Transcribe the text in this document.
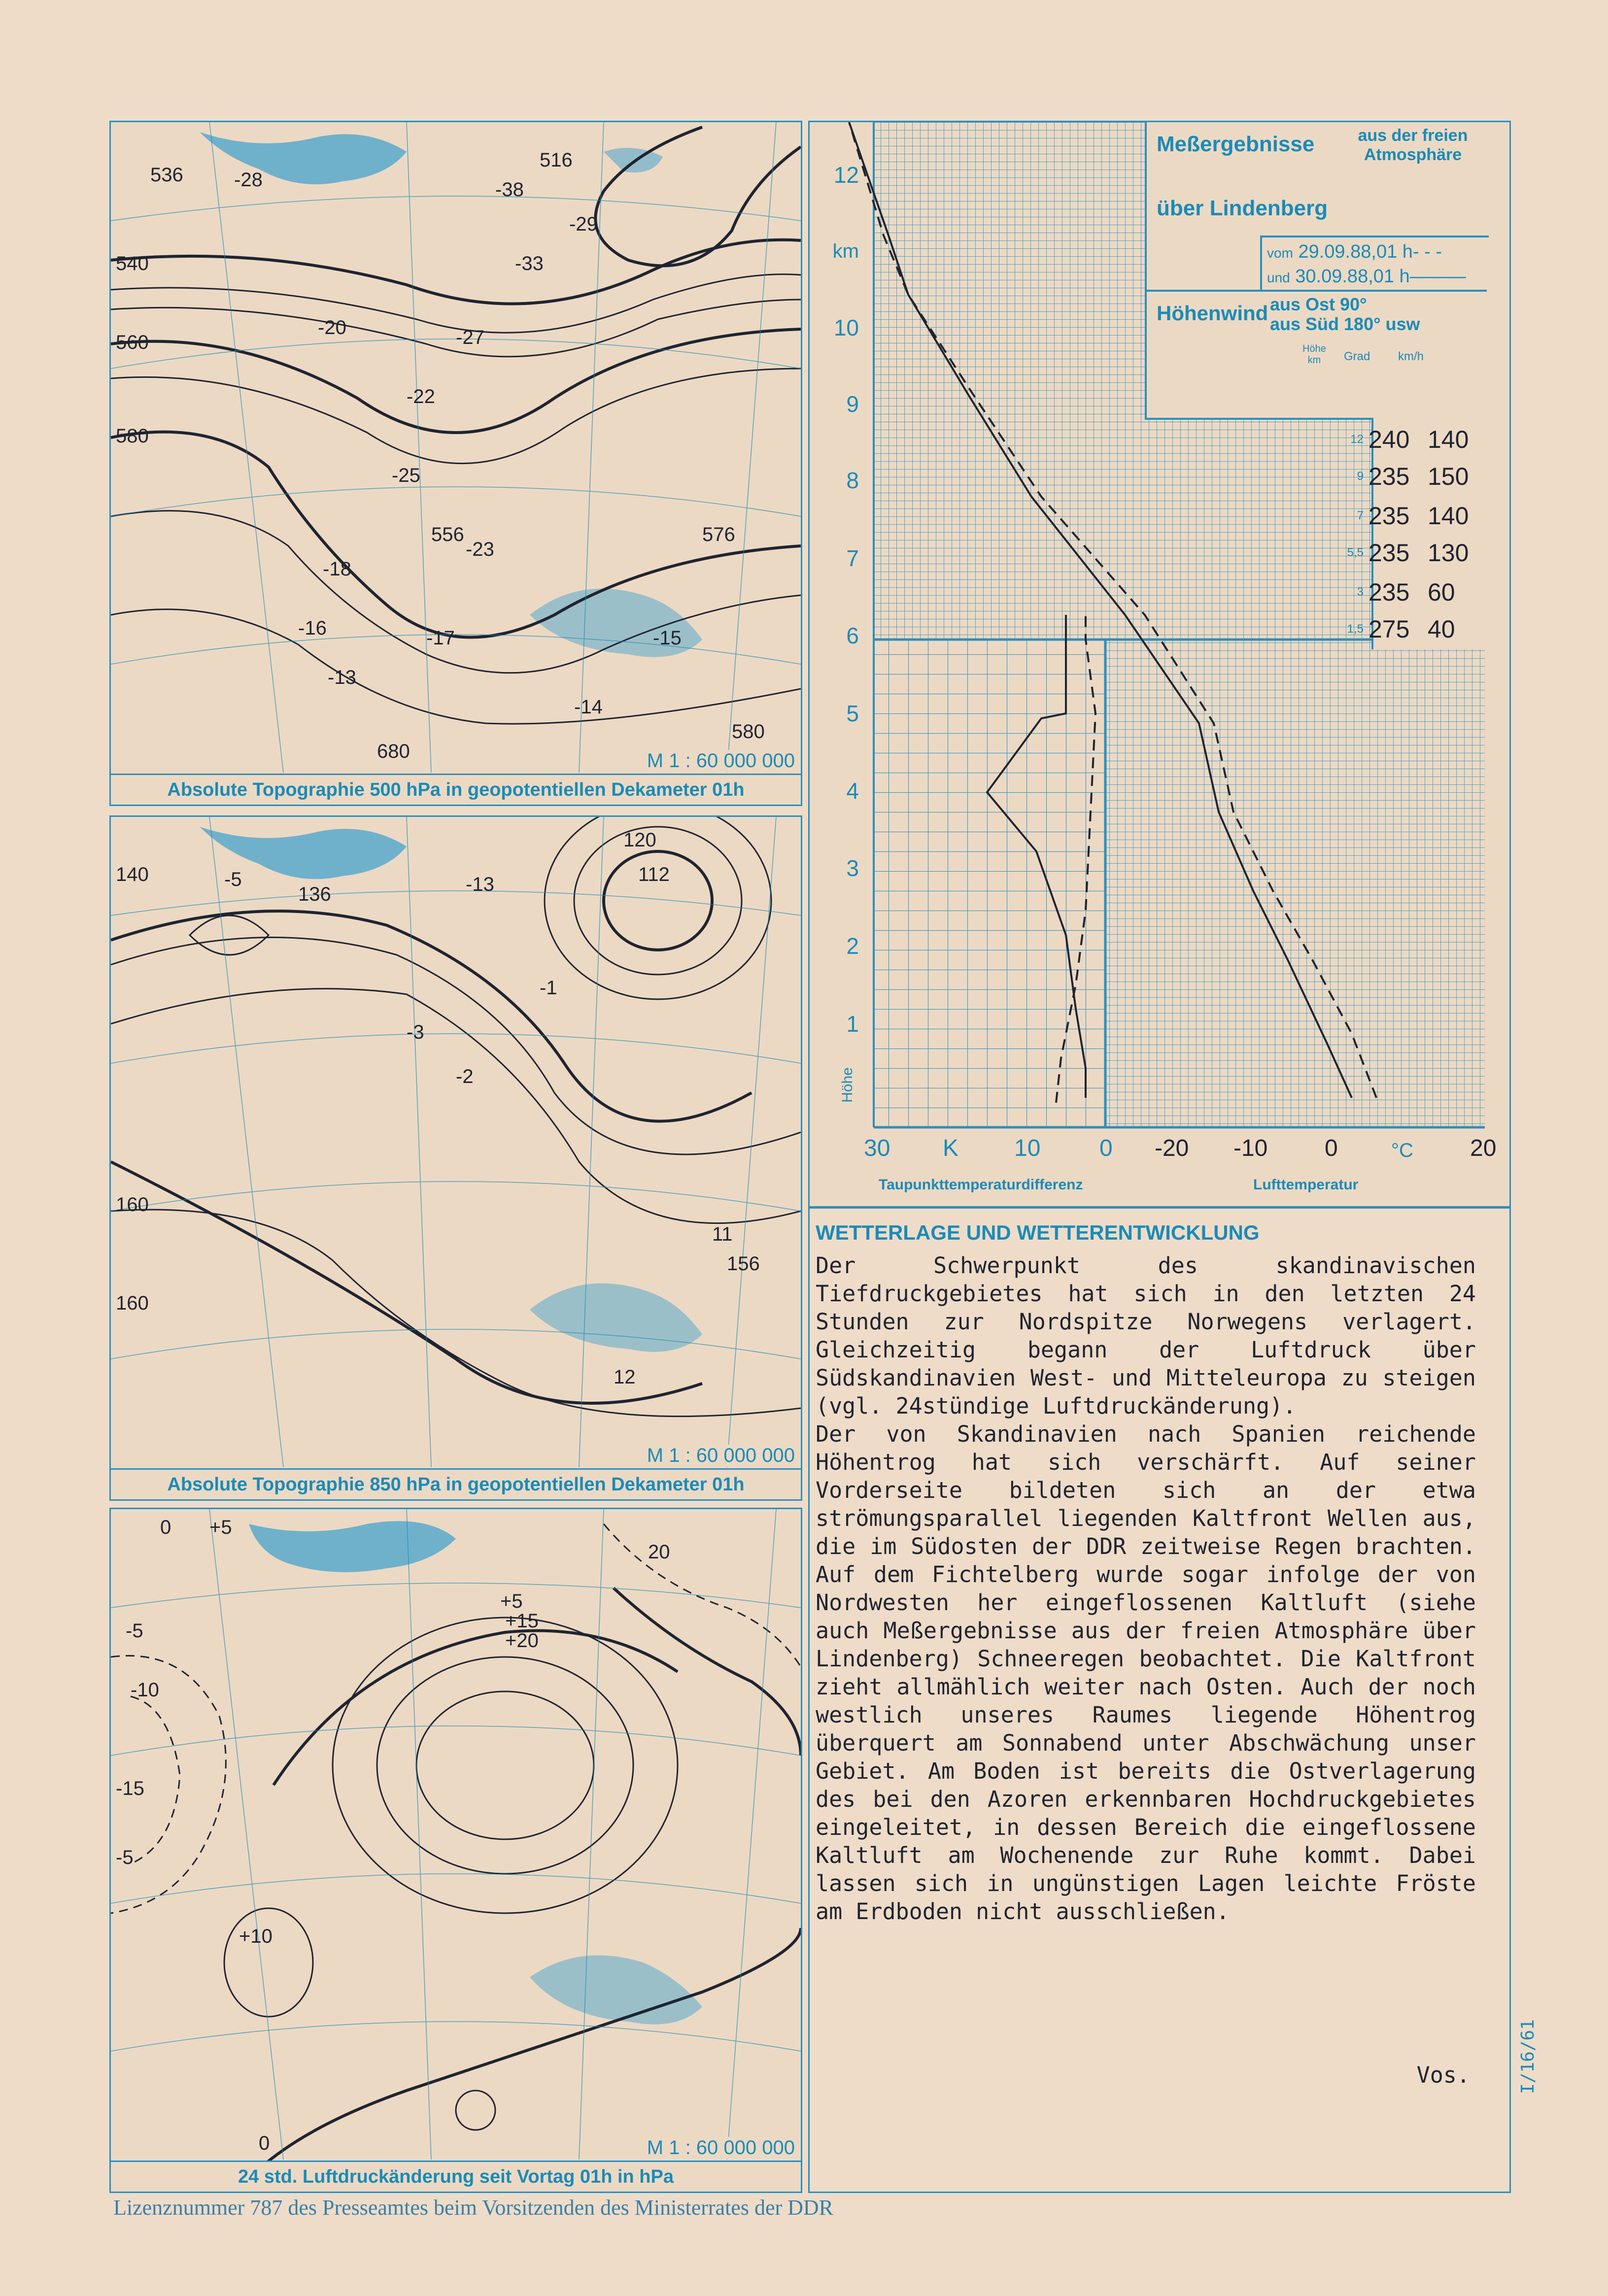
536
540
560
580
516
-28	-38
-29
-33
-20	-27
-22
-25
-23
-18
-16
-13
-17
-14
-15
556	576
580
680	M 1 : 60 000 000
Absolute Topographie 500 hPa in geopotentiellen Dekameter 01h
140
136
112
120
160
160
-5
-3
-2
-13
-1
11
156
12
M 1 : 60 000 000
Absolute Topographie 850 hPa in geopotentiellen Dekameter 01h
0 +5
-5
-10
-15
-5
+15
+20
20
+10
0
+5
M 1 : 60 000 000
24 std. Luftdruckänderung seit Vortag 01h in hPa
Meßergebnisse	aus der freien Atmosphäre
über Lindenberg
vom 29.09.88,01 h- - -
und 30.09.88,01 h———
Höhenwind aus Ost 90°
aus Süd 180° usw
Höhe km	Grad km/h
12 240 140
9 235 150
7 235 140
5,5 235 130
3 235 60
1,5 275 40
12
km
10
9
8
7
6
5
4
3
2
1
Höhe
30 K 10 0 -20 -10 0	°C 20
Taupunkttemperaturdifferenz	Lufttemperatur
WETTERLAGE UND WETTERENTWICKLUNG
Der Schwerpunkt des skandinavischen Tiefdruckgebietes hat sich in den letzten 24 Stunden zur Nordspitze Norwegens verlagert. Gleichzeitig begann der Luftdruck über Südskandinavien West- und Mitteleuropa zu steigen (vgl. 24stündige Luftdruckänderung).
Der von Skandinavien nach Spanien reichende Höhentrog hat sich verschärft. Auf seiner Vorderseite bildeten sich an der etwa strömungsparallel liegenden Kaltfront Wellen aus, die im Südosten der DDR zeitweise Regen brachten. Auf dem Fichtelberg wurde sogar infolge der von Nordwesten her eingeflossenen Kaltluft (siehe auch Meßergebnisse aus der freien Atmosphäre über Lindenberg) Schneeregen beobachtet. Die Kaltfront zieht allmählich weiter nach Osten. Auch der noch westlich unseres Raumes liegende Höhentrog überquert am Sonnabend unter Abschwächung unser Gebiet. Am Boden ist bereits die Ostverlagerung des bei den Azoren erkennbaren Hochdruckgebietes eingeleitet, in dessen Bereich die eingeflossene Kaltluft am Wochenende zur Ruhe kommt. Dabei lassen sich in ungünstigen Lagen leichte Fröste am Erdboden nicht ausschließen.
Vos.
Lizenznummer 787 des Presseamtes beim Vorsitzenden des Ministerrates der DDR
I/16/61
